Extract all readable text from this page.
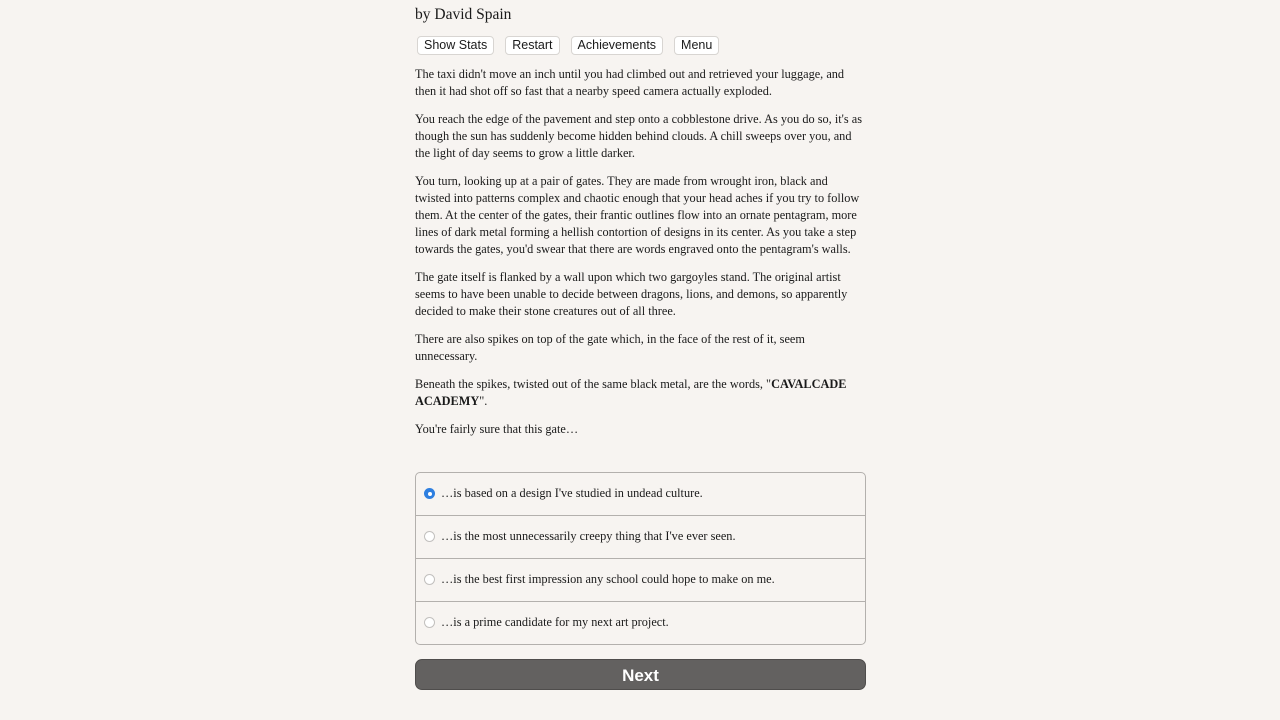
by David Spain
Show Stats	Restart	Achievements	Menu

The taxi didn't move an inch until you had climbed out and retrieved your luggage, and then it had shot off so fast that a nearby speed camera actually exploded.

You reach the edge of the pavement and step onto a cobblestone drive. As you do so, it's as though the sun has suddenly become hidden behind clouds. A chill sweeps over you, and the light of day seems to grow a little darker.

You turn, looking up at a pair of gates. They are made from wrought iron, black and twisted into patterns complex and chaotic enough that your head aches if you try to follow them. At the center of the gates, their frantic outlines flow into an ornate pentagram, more lines of dark metal forming a hellish contortion of designs in its center. As you take a step towards the gates, you'd swear that there are words engraved onto the pentagram's walls.

The gate itself is flanked by a wall upon which two gargoyles stand. The original artist seems to have been unable to decide between dragons, lions, and demons, so apparently decided to make their stone creatures out of all three.

There are also spikes on top of the gate which, in the face of the rest of it, seem unnecessary.

Beneath the spikes, twisted out of the same black metal, are the words, "CAVALCADE ACADEMY".

You're fairly sure that this gate…

…is based on a design I've studied in undead culture.
…is the most unnecessarily creepy thing that I've ever seen.
…is the best first impression any school could hope to make on me.
…is a prime candidate for my next art project.
Next
